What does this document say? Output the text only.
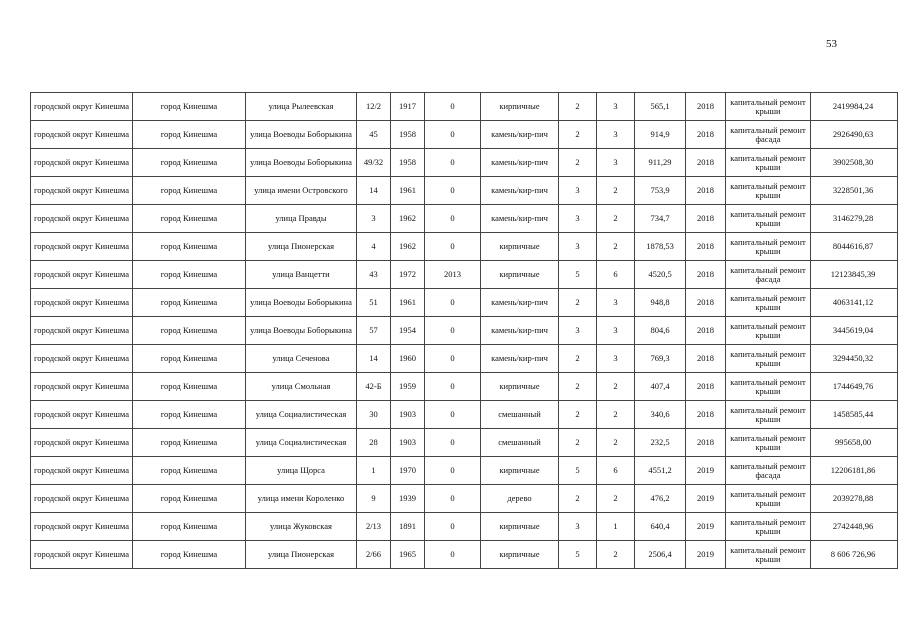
53
городской округ Кинешма	город Кинешма	улица Рылеевская	12/2	1917	0	кирпичные	2	3	565,1	2018	капитальный ремонт крыши	2419984,24
городской округ Кинешма	город Кинешма	улица Воеводы Боборыкина	45	1958	0	камень/кир-пич	2	3	914,9	2018	капитальный ремонт фасада	2926490,63
городской округ Кинешма	город Кинешма	улица Воеводы Боборыкина	49/32	1958	0	камень/кир-пич	2	3	911,29	2018	капитальный ремонт крыши	3902508,30
городской округ Кинешма	город Кинешма	улица имени Островского	14	1961	0	камень/кир-пич	3	2	753,9	2018	капитальный ремонт крыши	3228501,36
городской округ Кинешма	город Кинешма	улица Правды	3	1962	0	камень/кир-пич	3	2	734,7	2018	капитальный ремонт крыши	3146279,28
городской округ Кинешма	город Кинешма	улица Пионерская	4	1962	0	кирпичные	3	2	1878,53	2018	капитальный ремонт крыши	8044616,87
городской округ Кинешма	город Кинешма	улица Ванцетти	43	1972	2013	кирпичные	5	6	4520,5	2018	капитальный ремонт фасада	12123845,39
городской округ Кинешма	город Кинешма	улица Воеводы Боборыкина	51	1961	0	камень/кир-пич	2	3	948,8	2018	капитальный ремонт крыши	4063141,12
городской округ Кинешма	город Кинешма	улица Воеводы Боборыкина	57	1954	0	камень/кир-пич	3	3	804,6	2018	капитальный ремонт крыши	3445619,04
городской округ Кинешма	город Кинешма	улица Сеченова	14	1960	0	камень/кир-пич	2	3	769,3	2018	капитальный ремонт крыши	3294450,32
городской округ Кинешма	город Кинешма	улица Смольная	42-Б	1959	0	кирпичные	2	2	407,4	2018	капитальный ремонт крыши	1744649,76
городской округ Кинешма	город Кинешма	улица Социалистическая	30	1903	0	смешанный	2	2	340,6	2018	капитальный ремонт крыши	1458585,44
городской округ Кинешма	город Кинешма	улица Социалистическая	28	1903	0	смешанный	2	2	232,5	2018	капитальный ремонт крыши	995658,00
городской округ Кинешма	город Кинешма	улица Щорса	1	1970	0	кирпичные	5	6	4551,2	2019	капитальный ремонт фасада	12206181,86
городской округ Кинешма	город Кинешма	улица имени Короленко	9	1939	0	дерево	2	2	476,2	2019	капитальный ремонт крыши	2039278,88
городской округ Кинешма	город Кинешма	улица Жуковская	2/13	1891	0	кирпичные	3	1	640,4	2019	капитальный ремонт крыши	2742448,96
городской округ Кинешма	город Кинешма	улица Пионерская	2/66	1965	0	кирпичные	5	2	2506,4	2019	капитальный ремонт крыши	8 606 726,96
